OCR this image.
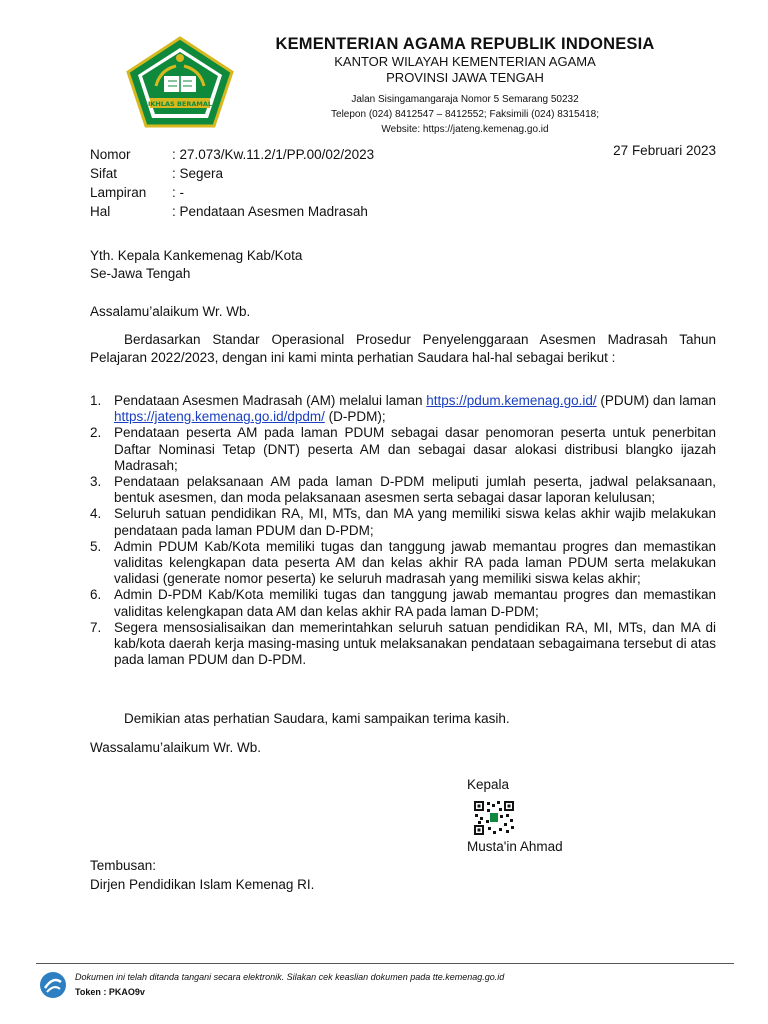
IKHLAS BERAMAL
KEMENTERIAN AGAMA REPUBLIK INDONESIA
KANTOR WILAYAH KEMENTERIAN AGAMA
PROVINSI JAWA TENGAH
Jalan Sisingamangaraja Nomor 5 Semarang 50232
Telepon (024) 8412547 – 8412552; Faksimili (024) 8315418;
Website: https://jateng.kemenag.go.id
Nomor	: 27.073/Kw.11.2/1/PP.00/02/2023
Sifat	: Segera
Lampiran	: -
Hal	: Pendataan Asesmen Madrasah
27 Februari 2023
Yth. Kepala Kankemenag Kab/Kota
Se-Jawa Tengah
Assalamu’alaikum Wr. Wb.
Berdasarkan Standar Operasional Prosedur Penyelenggaraan Asesmen Madrasah Tahun Pelajaran 2022/2023, dengan ini kami minta perhatian Saudara hal-hal sebagai berikut :
1. Pendataan Asesmen Madrasah (AM) melalui laman https://pdum.kemenag.go.id/ (PDUM) dan laman https://jateng.kemenag.go.id/dpdm/ (D-PDM);
2. Pendataan peserta AM pada laman PDUM sebagai dasar penomoran peserta untuk penerbitan Daftar Nominasi Tetap (DNT) peserta AM dan sebagai dasar alokasi distribusi blangko ijazah Madrasah;
3. Pendataan pelaksanaan AM pada laman D-PDM meliputi jumlah peserta, jadwal pelaksanaan, bentuk asesmen, dan moda pelaksanaan asesmen serta sebagai dasar laporan kelulusan;
4. Seluruh satuan pendidikan RA, MI, MTs, dan MA yang memiliki siswa kelas akhir wajib melakukan pendataan pada laman PDUM dan D-PDM;
5. Admin PDUM Kab/Kota memiliki tugas dan tanggung jawab memantau progres dan memastikan validitas kelengkapan data peserta AM dan kelas akhir RA pada laman PDUM serta melakukan validasi (generate nomor peserta) ke seluruh madrasah yang memiliki siswa kelas akhir;
6. Admin D-PDM Kab/Kota memiliki tugas dan tanggung jawab memantau progres dan memastikan validitas kelengkapan data AM dan kelas akhir RA pada laman D-PDM;
7. Segera mensosialisaikan dan memerintahkan seluruh satuan pendidikan RA, MI, MTs, dan MA di kab/kota daerah kerja masing-masing untuk melaksanakan pendataan sebagaimana tersebut di atas pada laman PDUM dan D-PDM.
Demikian atas perhatian Saudara, kami sampaikan terima kasih.
Wassalamu’alaikum Wr. Wb.
Kepala
Musta'in Ahmad
Tembusan:
Dirjen Pendidikan Islam Kemenag RI.
Dokumen ini telah ditanda tangani secara elektronik. Silakan cek keaslian dokumen pada tte.kemenag.go.id
Token : PKAO9v
